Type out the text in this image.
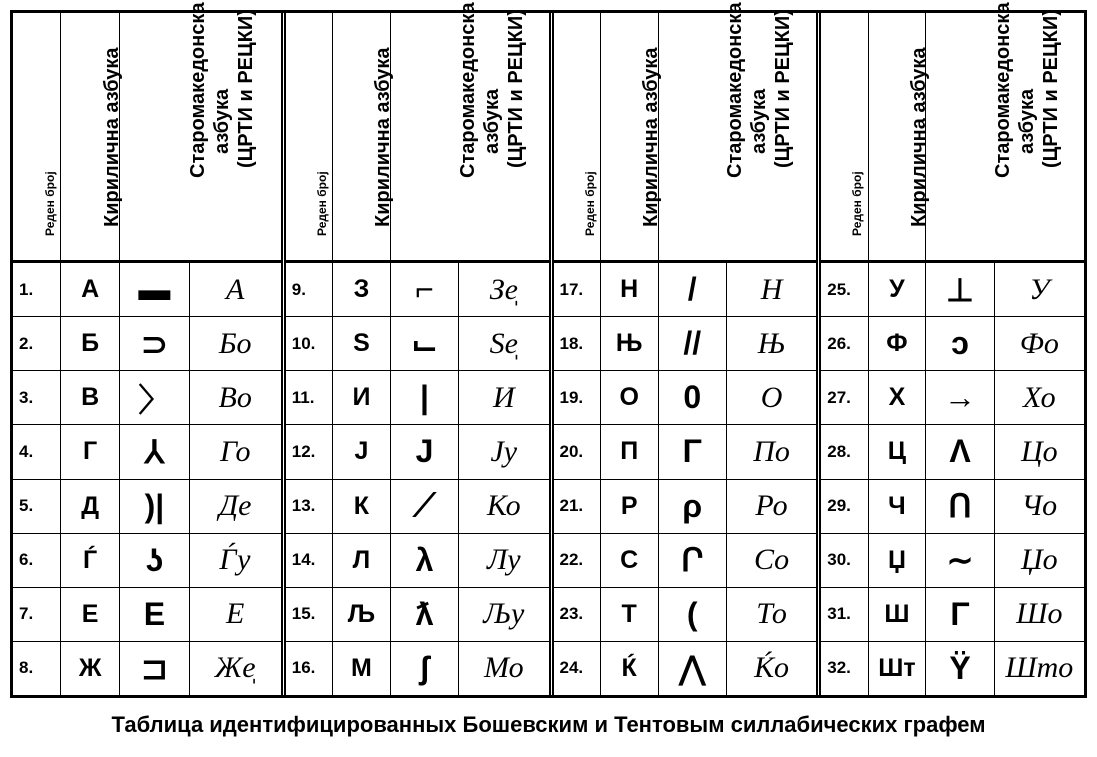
Реден број Кирилична азбука	Старомакедонска азбука (ЦРТИ и РЕЦКИ)
1.	А	▬	А
2.	Б	⊃	Бо
3.	В	〉	Во
4.	Г	⅄	Го
5.	Д	)|	Де
6.	Ѓ	ʖ	Ѓу
7.	Е	E	Е
8.	Ж	⊐	Же̩
Реден број Кирилична азбука	Старомакедонска азбука (ЦРТИ и РЕЦКИ)
9.	З	⌐	Зе̩
10.	S	⌙	Sе̩
11.	И	|	И
12.	Ј	J	Ју
13.	К	⟋	Ко
14.	Л	λ	Лу
15.	Љ	ƛ	Љу
16.	М	ʃ	Мо
Реден број Кирилична азбука	Старомакедонска азбука (ЦРТИ и РЕЦКИ)
17.	Н	/	Н
18.	Њ	//	Њ
19.	О	0	О
20.	П	Γ	По
21.	Р	ρ	Ро
22.	С	Ր	Со
23.	Т	(	То
24.	Ќ	⋀	Ќо
Реден број Кирилична азбука	Старомакедонска азбука (ЦРТИ и РЕЦКИ)
25.	У	⊥	У
26.	Ф	ↄ	Фо
27.	Х	→	Хо
28.	Ц	Ʌ	Цо
29.	Ч	Ո	Чо
30.	Џ	∼	Џо
31.	Ш	Γ	Шо
32.	Шт	Ϋ	Што
Таблица идентифицированных Бошевским и Тентовым силлабических графем
